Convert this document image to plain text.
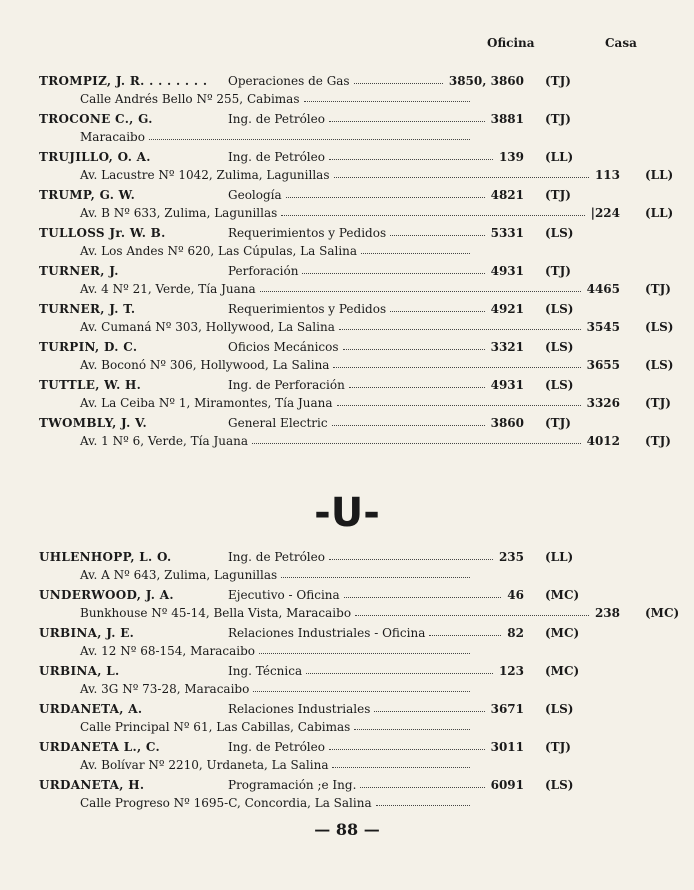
Oficina	Casa
TROMPIZ, J. R. . . . . . . . Operaciones de Gas	3850, 3860 (TJ)
Calle Andrés Bello Nº 255, Cabimas
TROCONE C., G.	Ing. de Petróleo	3881 (TJ)
Maracaibo
TRUJILLO, O. A.	Ing. de Petróleo	139 (LL)
Av. Lacustre Nº 1042, Zulima, Lagunillas	113 (LL)
TRUMP, G. W.	Geología	4821 (TJ)
Av. B Nº 633, Zulima, Lagunillas	|224 (LL)
TULLOSS Jr. W. B.	Requerimientos y Pedidos	5331 (LS)
Av. Los Andes Nº 620, Las Cúpulas, La Salina
TURNER, J.	Perforación	4931 (TJ)
Av. 4 Nº 21, Verde, Tía Juana	4465 (TJ)
TURNER, J. T.	Requerimientos y Pedidos	4921 (LS)
Av. Cumaná Nº 303, Hollywood, La Salina	3545 (LS)
TURPIN, D. C.	Oficios Mecánicos	3321 (LS)
Av. Boconó Nº 306, Hollywood, La Salina	3655 (LS)
TUTTLE, W. H.	Ing. de Perforación	4931 (LS)
Av. La Ceiba Nº 1, Miramontes, Tía Juana	3326 (TJ)
TWOMBLY, J. V.	General Electric	3860 (TJ)
Av. 1 Nº 6, Verde, Tía Juana	4012 (TJ)
UHLENHOPP, L. O.	Ing. de Petróleo	235 (LL)
Av. A Nº 643, Zulima, Lagunillas
UNDERWOOD, J. A.	Ejecutivo - Oficina	46 (MC)
Bunkhouse Nº 45-14, Bella Vista, Maracaibo	238 (MC)
URBINA, J. E.	Relaciones Industriales - Oficina	82 (MC)
Av. 12 Nº 68-154, Maracaibo
URBINA, L.	Ing. Técnica	123 (MC)
Av. 3G Nº 73-28, Maracaibo
URDANETA, A.	Relaciones Industriales	3671 (LS)
Calle Principal Nº 61, Las Cabillas, Cabimas
URDANETA L., C.	Ing. de Petróleo	3011 (TJ)
Av. Bolívar Nº 2210, Urdaneta, La Salina
URDANETA, H.	Programación ;e Ing.	6091 (LS)
Calle Progreso Nº 1695-C, Concordia, La Salina
-U-
— 88 —
